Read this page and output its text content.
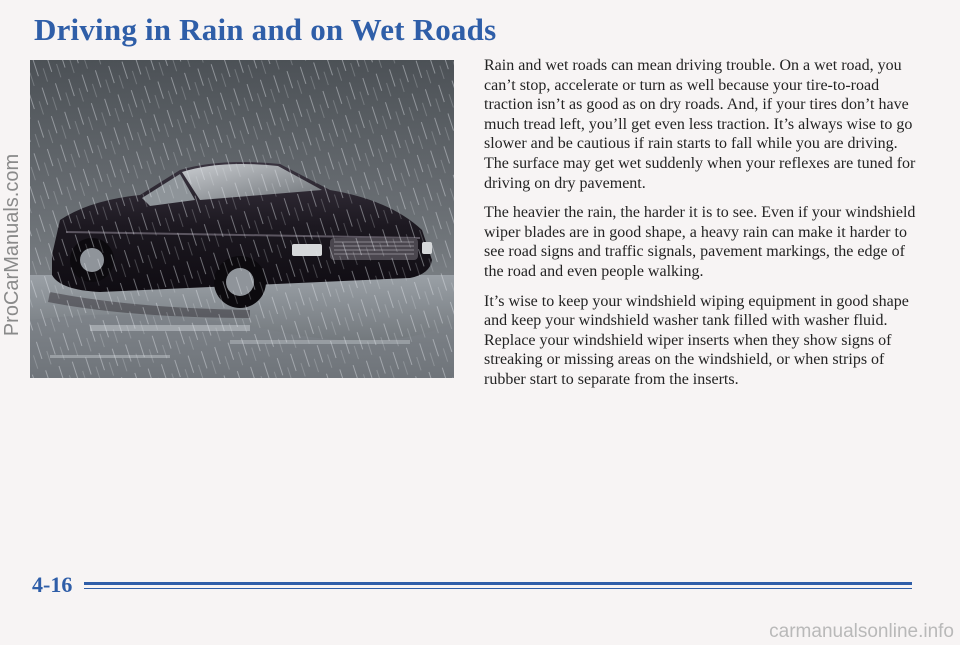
Driving in Rain and on Wet Roads
ProCarManuals.com

Rain and wet roads can mean driving trouble. On a wet road, you can’t stop, accelerate or turn as well because your tire-to-road traction isn’t as good as on dry roads. And, if your tires don’t have much tread left, you’ll get even less traction. It’s always wise to go slower and be cautious if rain starts to fall while you are driving. The surface may get wet suddenly when your reflexes are tuned for driving on dry pavement.

The heavier the rain, the harder it is to see. Even if your windshield wiper blades are in good shape, a heavy rain can make it harder to see road signs and traffic signals, pavement markings, the edge of the road and even people walking.

It’s wise to keep your windshield wiping equipment in good shape and keep your windshield washer tank filled with washer fluid. Replace your windshield wiper inserts when they show signs of streaking or missing areas on the windshield, or when strips of rubber start to separate from the inserts.

4-16
carmanualsonline.info
